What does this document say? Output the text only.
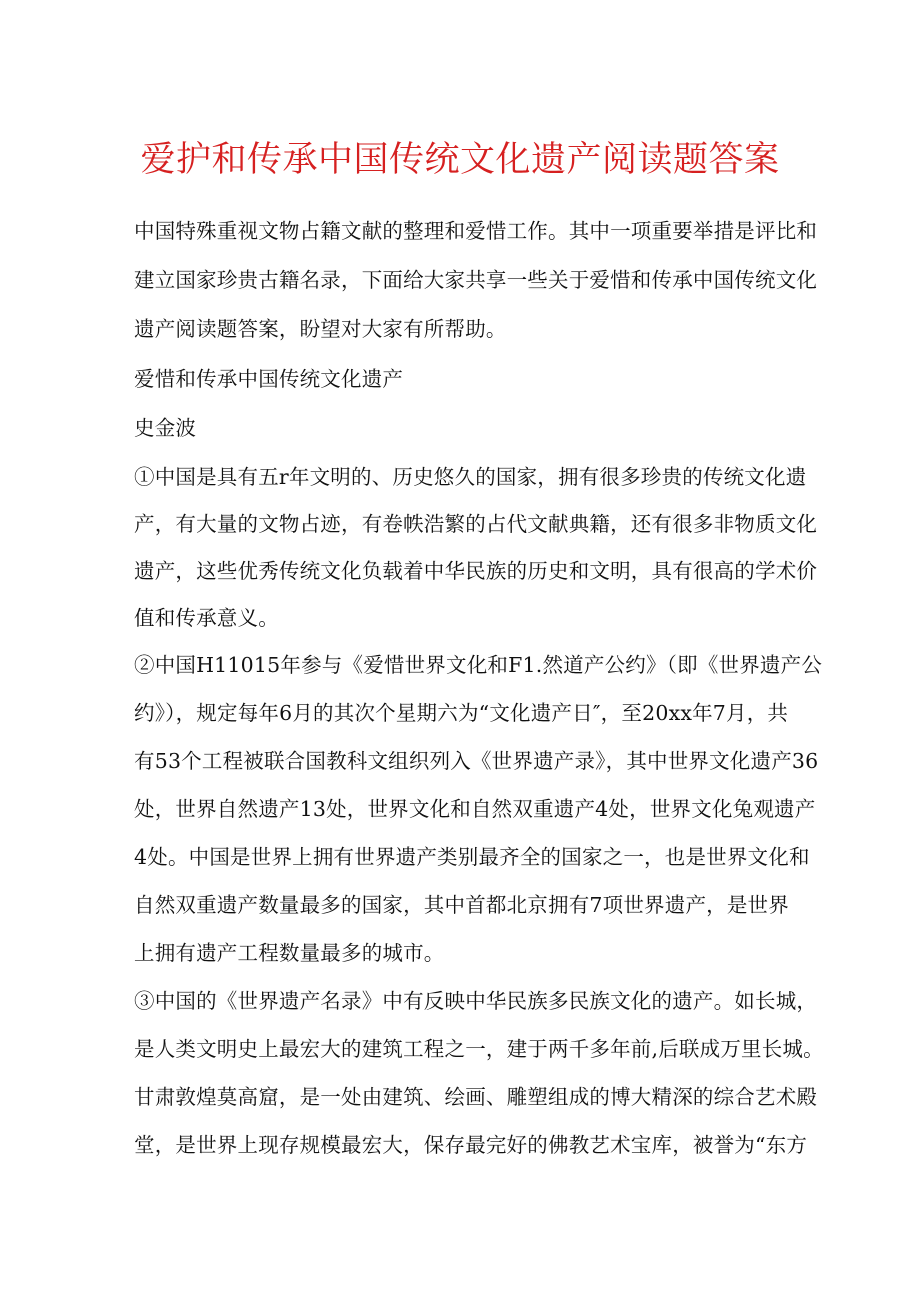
爱护和传承中国传统文化遗产阅读题答案
中国特殊重视文物占籍文献的整理和爱惜工作。其中一项重要举措是评比和
建立国家珍贵古籍名录，下面给大家共享一些关于爱惜和传承中国传统文化
遗产阅读题答案，盼望对大家有所帮助。
爱惜和传承中国传统文化遗产
史金波
①中国是具有五r年文明的、历史悠久的国家，拥有很多珍贵的传统文化遗
产，有大量的文物占迹，有卷帙浩繁的占代文献典籍，还有很多非物质文化
遗产，这些优秀传统文化负载着中华民族的历史和文明，具有很高的学术价
值和传承意义。
②中国H11015年参与《爱惜世界文化和F1.然道产公约》（即《世界遗产公
约》），规定每年6月的其次个星期六为“文化遗产日″，至20xx年7月，共
有53个工程被联合国教科文组织列入《世界遗产录》，其中世界文化遗产36
处，世界自然遗产13处，世界文化和自然双重遗产4处，世界文化兔观遗产
4处。中国是世界上拥有世界遗产类别最齐全的国家之一，也是世界文化和
自然双重遗产数量最多的国家，其中首都北京拥有7项世界遗产，是世界
上拥有遗产工程数量最多的城市。
③中国的《世界遗产名录》中有反映中华民族多民族文化的遗产。如长城，
是人类文明史上最宏大的建筑工程之一，建于两千多年前,后联成万里长城。
甘肃敦煌莫高窟，是一处由建筑、绘画、雕塑组成的博大精深的综合艺术殿
堂，是世界上现存规模最宏大，保存最完好的佛教艺术宝库，被誉为“东方
